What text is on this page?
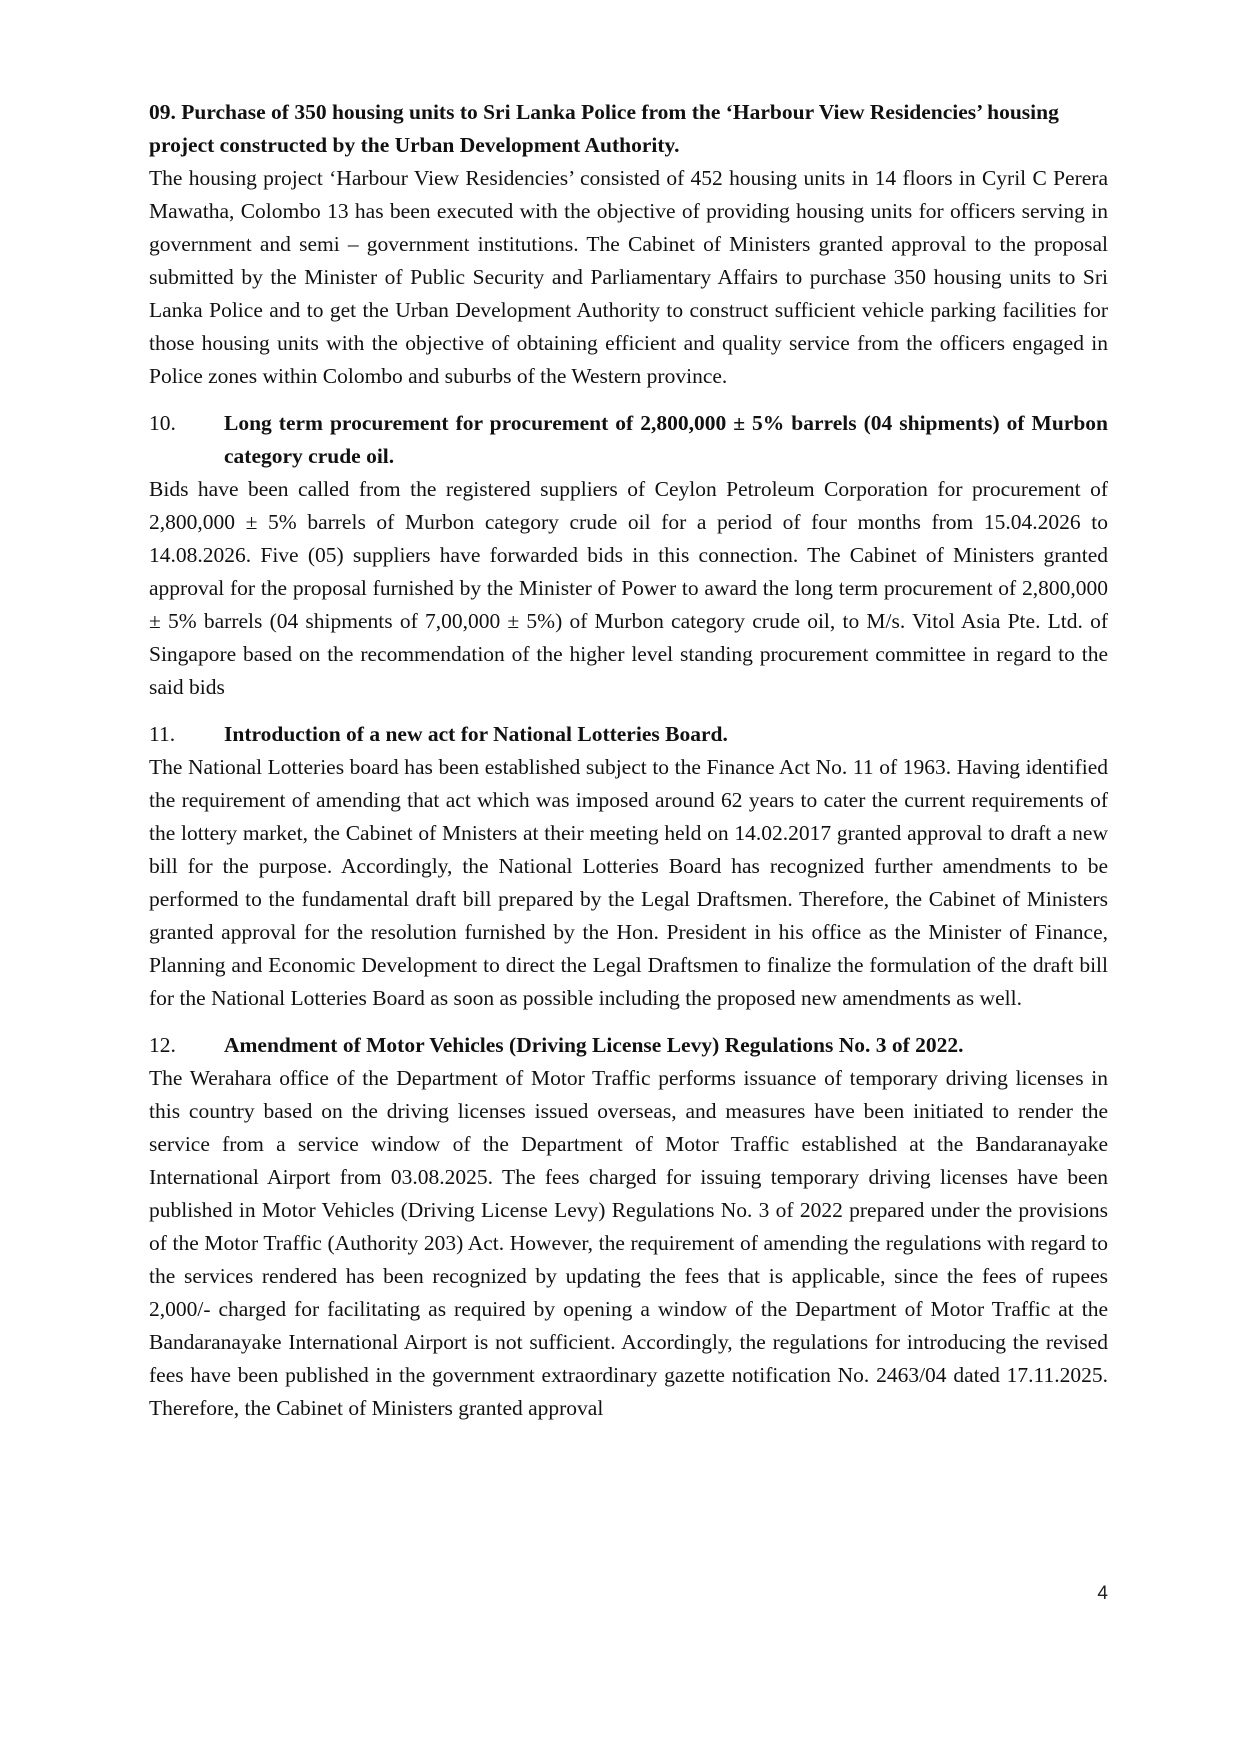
09. Purchase of 350 housing units to Sri Lanka Police from the ‘Harbour View Residencies’ housing project constructed by the Urban Development Authority.

The housing project ‘Harbour View Residencies’ consisted of 452 housing units in 14 floors in Cyril C Perera Mawatha, Colombo 13 has been executed with the objective of providing housing units for officers serving in government and semi – government institutions. The Cabinet of Ministers granted approval to the proposal submitted by the Minister of Public Security and Parliamentary Affairs to purchase 350 housing units to Sri Lanka Police and to get the Urban Development Authority to construct sufficient vehicle parking facilities for those housing units with the objective of obtaining efficient and quality service from the officers engaged in Police zones within Colombo and suburbs of the Western province.

10.	Long term procurement for procurement of 2,800,000 ± 5% barrels (04 shipments) of Murbon category crude oil.

Bids have been called from the registered suppliers of Ceylon Petroleum Corporation for procurement of 2,800,000 ± 5% barrels of Murbon category crude oil for a period of four months from 15.04.2026 to 14.08.2026. Five (05) suppliers have forwarded bids in this connection. The Cabinet of Ministers granted approval for the proposal furnished by the Minister of Power to award the long term procurement of 2,800,000 ± 5% barrels (04 shipments of 7,00,000 ± 5%) of Murbon category crude oil, to M/s. Vitol Asia Pte. Ltd. of Singapore based on the recommendation of the higher level standing procurement committee in regard to the said bids

11.	Introduction of a new act for National Lotteries Board.

The National Lotteries board has been established subject to the Finance Act No. 11 of 1963. Having identified the requirement of amending that act which was imposed around 62 years to cater the current requirements of the lottery market, the Cabinet of Mnisters at their meeting held on 14.02.2017 granted approval to draft a new bill for the purpose. Accordingly, the National Lotteries Board has recognized further amendments to be performed to the fundamental draft bill prepared by the Legal Draftsmen. Therefore, the Cabinet of Ministers granted approval for the resolution furnished by the Hon. President in his office as the Minister of Finance, Planning and Economic Development to direct the Legal Draftsmen to finalize the formulation of the draft bill for the National Lotteries Board as soon as possible including the proposed new amendments as well.

12.	Amendment of Motor Vehicles (Driving License Levy) Regulations No. 3 of 2022.

The Werahara office of the Department of Motor Traffic performs issuance of temporary driving licenses in this country based on the driving licenses issued overseas, and measures have been initiated to render the service from a service window of the Department of Motor Traffic established at the Bandaranayake International Airport from 03.08.2025. The fees charged for issuing temporary driving licenses have been published in Motor Vehicles (Driving License Levy) Regulations No. 3 of 2022 prepared under the provisions of the Motor Traffic (Authority 203) Act. However, the requirement of amending the regulations with regard to the services rendered has been recognized by updating the fees that is applicable, since the fees of rupees 2,000/- charged for facilitating as required by opening a window of the Department of Motor Traffic at the Bandaranayake International Airport is not sufficient. Accordingly, the regulations for introducing the revised fees have been published in the government extraordinary gazette notification No. 2463/04 dated 17.11.2025. Therefore, the Cabinet of Ministers granted approval

4
